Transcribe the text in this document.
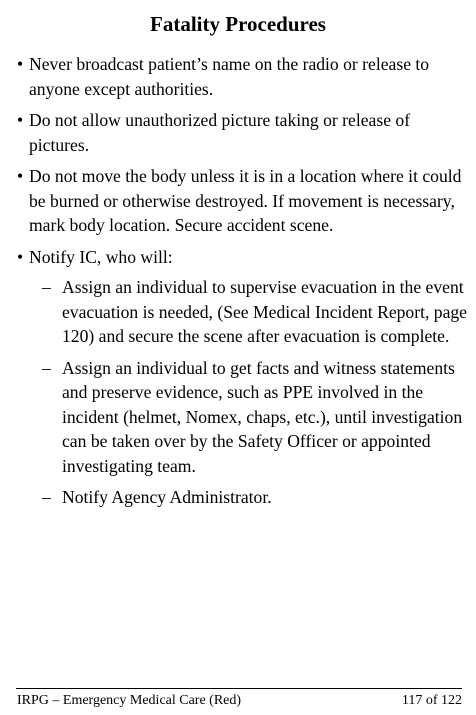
Fatality Procedures
• Never broadcast patient’s name on the radio or release to anyone except authorities.
• Do not allow unauthorized picture taking or release of pictures.
• Do not move the body unless it is in a location where it could be burned or otherwise destroyed. If movement is necessary, mark body location. Secure accident scene.
• Notify IC, who will:
– Assign an individual to supervise evacuation in the event evacuation is needed, (See Medical Incident Report, page 120) and secure the scene after evacuation is complete.
– Assign an individual to get facts and witness statements and preserve evidence, such as PPE involved in the incident (helmet, Nomex, chaps, etc.), until investigation can be taken over by the Safety Officer or appointed investigating team.
– Notify Agency Administrator.
IRPG – Emergency Medical Care (Red)	117 of 122
